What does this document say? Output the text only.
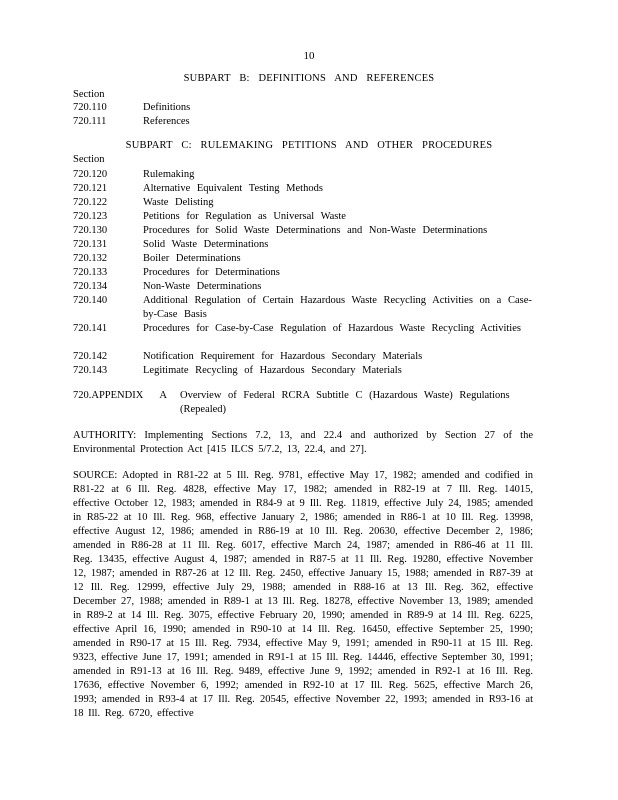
10
SUBPART B: DEFINITIONS AND REFERENCES
Section
720.110	Definitions
720.111	References
SUBPART C: RULEMAKING PETITIONS AND OTHER PROCEDURES
Section
720.120	Rulemaking
720.121	Alternative Equivalent Testing Methods
720.122	Waste Delisting
720.123	Petitions for Regulation as Universal Waste
720.130	Procedures for Solid Waste Determinations and Non-Waste Determinations
720.131	Solid Waste Determinations
720.132	Boiler Determinations
720.133	Procedures for Determinations
720.134	Non-Waste Determinations
720.140	Additional Regulation of Certain Hazardous Waste Recycling Activities on a Case-by-Case Basis
720.141	Procedures for Case-by-Case Regulation of Hazardous Waste Recycling Activities
720.142	Notification Requirement for Hazardous Secondary Materials
720.143	Legitimate Recycling of Hazardous Secondary Materials
720.APPENDIX A Overview of Federal RCRA Subtitle C (Hazardous Waste) Regulations (Repealed)
AUTHORITY: Implementing Sections 7.2, 13, and 22.4 and authorized by Section 27 of the Environmental Protection Act [415 ILCS 5/7.2, 13, 22.4, and 27].
SOURCE: Adopted in R81-22 at 5 Ill. Reg. 9781, effective May 17, 1982; amended and codified in R81-22 at 6 Ill. Reg. 4828, effective May 17, 1982; amended in R82-19 at 7 Ill. Reg. 14015, effective October 12, 1983; amended in R84-9 at 9 Ill. Reg. 11819, effective July 24, 1985; amended in R85-22 at 10 Ill. Reg. 968, effective January 2, 1986; amended in R86-1 at 10 Ill. Reg. 13998, effective August 12, 1986; amended in R86-19 at 10 Ill. Reg. 20630, effective December 2, 1986; amended in R86-28 at 11 Ill. Reg. 6017, effective March 24, 1987; amended in R86-46 at 11 Ill. Reg. 13435, effective August 4, 1987; amended in R87-5 at 11 Ill. Reg. 19280, effective November 12, 1987; amended in R87-26 at 12 Ill. Reg. 2450, effective January 15, 1988; amended in R87-39 at 12 Ill. Reg. 12999, effective July 29, 1988; amended in R88-16 at 13 Ill. Reg. 362, effective December 27, 1988; amended in R89-1 at 13 Ill. Reg. 18278, effective November 13, 1989; amended in R89-2 at 14 Ill. Reg. 3075, effective February 20, 1990; amended in R89-9 at 14 Ill. Reg. 6225, effective April 16, 1990; amended in R90-10 at 14 Ill. Reg. 16450, effective September 25, 1990; amended in R90-17 at 15 Ill. Reg. 7934, effective May 9, 1991; amended in R90-11 at 15 Ill. Reg. 9323, effective June 17, 1991; amended in R91-1 at 15 Ill. Reg. 14446, effective September 30, 1991; amended in R91-13 at 16 Ill. Reg. 9489, effective June 9, 1992; amended in R92-1 at 16 Ill. Reg. 17636, effective November 6, 1992; amended in R92-10 at 17 Ill. Reg. 5625, effective March 26, 1993; amended in R93-4 at 17 Ill. Reg. 20545, effective November 22, 1993; amended in R93-16 at 18 Ill. Reg. 6720, effective
